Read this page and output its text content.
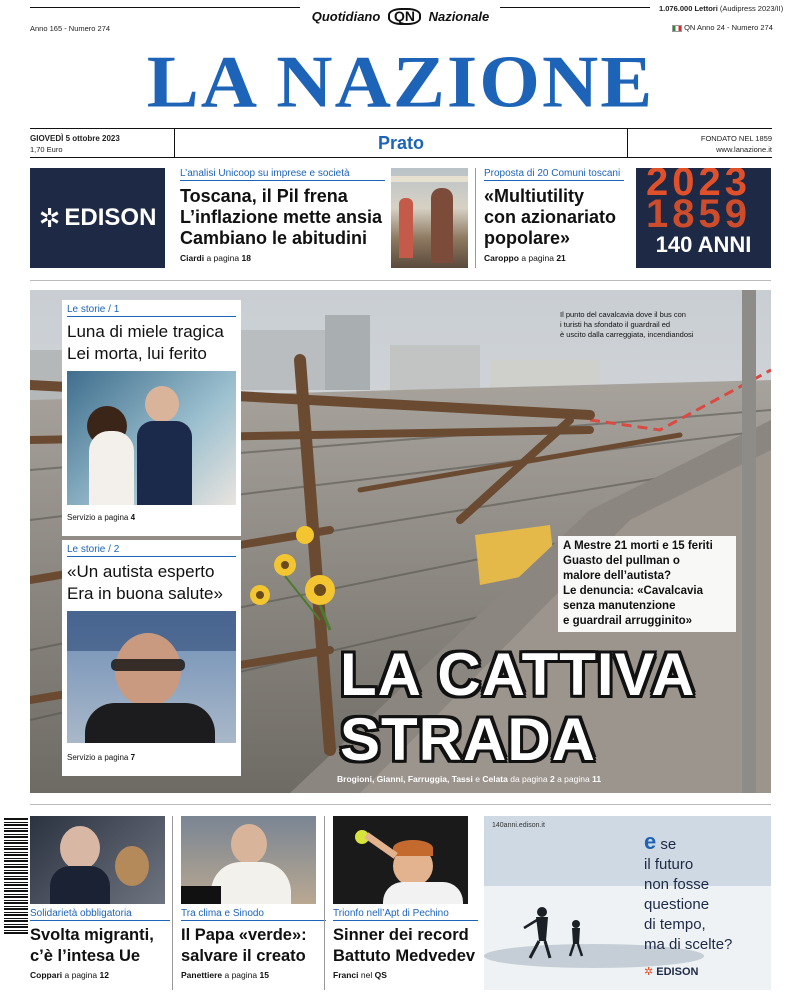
Quotidiano QN Nazionale
1.076.000 Lettori (Audipress 2023/II)
Anno 165 - Numero 274	QN Anno 24 - Numero 274
LA NAZIONE
GIOVEDÌ 5 ottobre 2023
1,70 Euro	Prato	FONDATO NEL 1859
www.lanazione.it
✲ EDISON
L’analisi Unicoop su imprese e società
Toscana, il Pil frena
L’inflazione mette ansia
Cambiano le abitudini
Ciardi a pagina 18
Proposta di 20 Comuni toscani
«Multiutility
con azionariato
popolare»
Caroppo a pagina 21
2023
1859
140 ANNI
Le storie / 1
Luna di miele tragica
Lei morta, lui ferito
Servizio a pagina 4
Le storie / 2
«Un autista esperto
Era in buona salute»
Servizio a pagina 7
Il punto del cavalcavia dove il bus con
i turisti ha sfondato il guardrail ed
è uscito dalla carreggiata, incendiandosi
A Mestre 21 morti e 15 feriti
Guasto del pullman o
malore dell’autista?
Le denuncia: «Cavalcavia
senza manutenzione
e guardrail arrugginito»
LA CATTIVA
STRADA
Brogioni, Gianni, Farruggia, Tassi e Celata da pagina 2 a pagina 11
Solidarietà obbligatoria
Svolta migranti,
c’è l’intesa Ue
Coppari a pagina 12
Tra clima e Sinodo
Il Papa «verde»:
salvare il creato
Panettiere a pagina 15
Trionfo nell’Apt di Pechino
Sinner dei record
Battuto Medvedev
Franci nel QS
140anni.edison.it
e se
il futuro
non fosse
questione
di tempo,
ma di scelte?
✲ EDISON
